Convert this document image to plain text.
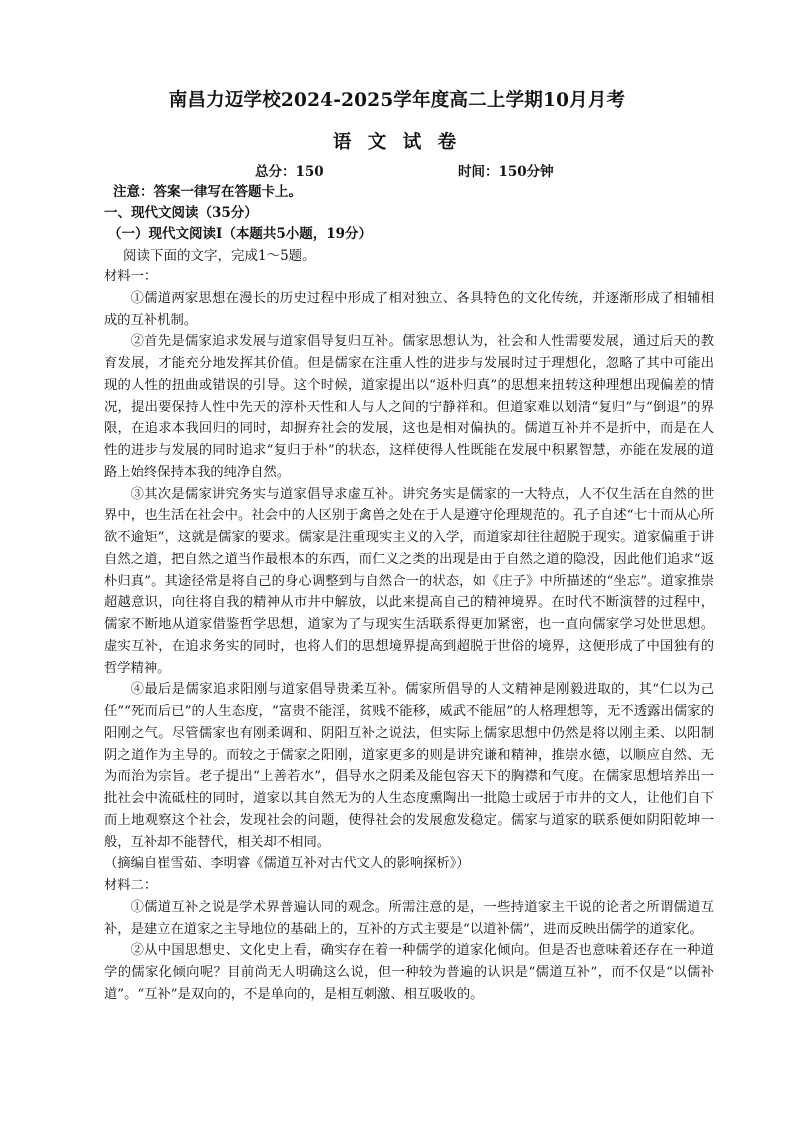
南昌力迈学校2024-2025学年度高二上学期10月月考
语 文 试 卷
总分：150	时间：150分钟
注意：答案一律写在答题卡上。
一、现代文阅读（35分）
（一）现代文阅读Ⅰ（本题共5小题，19分）
阅读下面的文字，完成1～5题。

材料一：

①儒道两家思想在漫长的历史过程中形成了相对独立、各具特色的文化传统，并逐渐形成了相辅相成的互补机制。

②首先是儒家追求发展与道家倡导复归互补。儒家思想认为，社会和人性需要发展，通过后天的教育发展，才能充分地发挥其价值。但是儒家在注重人性的进步与发展时过于理想化，忽略了其中可能出现的人性的扭曲或错误的引导。这个时候，道家提出以“返朴归真”的思想来扭转这种理想出现偏差的情况，提出要保持人性中先天的淳朴天性和人与人之间的宁静祥和。但道家难以划清“复归”与“倒退”的界限，在追求本我回归的同时，却摒弃社会的发展，这也是相对偏执的。儒道互补并不是折中，而是在人性的进步与发展的同时追求“复归于朴”的状态，这样使得人性既能在发展中积累智慧，亦能在发展的道路上始终保持本我的纯净自然。

③其次是儒家讲究务实与道家倡导求虚互补。讲究务实是儒家的一大特点，人不仅生活在自然的世界中，也生活在社会中。社会中的人区别于禽兽之处在于人是遵守伦理规范的。孔子自述“七十而从心所欲不逾矩”，这就是儒家的要求。儒家是注重现实主义的入学，而道家却往往超脱于现实。道家偏重于讲自然之道，把自然之道当作最根本的东西，而仁义之类的出现是由于自然之道的隐没，因此他们追求“返朴归真”。其途径常是将自己的身心调整到与自然合一的状态，如《庄子》中所描述的“坐忘”。道家推崇超越意识，向往将自我的精神从市井中解放，以此来提高自己的精神境界。在时代不断演替的过程中，儒家不断地从道家借鉴哲学思想，道家为了与现实生活联系得更加紧密，也一直向儒家学习处世思想。虚实互补，在追求务实的同时，也将人们的思想境界提高到超脱于世俗的境界，这便形成了中国独有的哲学精神。

④最后是儒家追求阳刚与道家倡导贵柔互补。儒家所倡导的人文精神是刚毅进取的，其“仁以为己任”“死而后已”的人生态度，“富贵不能淫，贫贱不能移，威武不能屈”的人格理想等，无不透露出儒家的阳刚之气。尽管儒家也有刚柔调和、阴阳互补之说法，但实际上儒家思想中仍然是将以刚主柔、以阳制阴之道作为主导的。而较之于儒家之阳刚，道家更多的则是讲究谦和精神，推崇水德，以顺应自然、无为而治为宗旨。老子提出“上善若水”，倡导水之阴柔及能包容天下的胸襟和气度。在儒家思想培养出一批社会中流砥柱的同时，道家以其自然无为的人生态度熏陶出一批隐士或居于市井的文人，让他们自下而上地观察这个社会，发现社会的问题，使得社会的发展愈发稳定。儒家与道家的联系便如阴阳乾坤一般，互补却不能替代，相关却不相同。

（摘编自崔雪茹、李明睿《儒道互补对古代文人的影响探析》）

材料二：

①儒道互补之说是学术界普遍认同的观念。所需注意的是，一些持道家主干说的论者之所谓儒道互补，是建立在道家之主导地位的基础上的，互补的方式主要是“以道补儒”，进而反映出儒学的道家化。

②从中国思想史、文化史上看，确实存在着一种儒学的道家化倾向。但是否也意味着还存在一种道学的儒家化倾向呢？目前尚无人明确这么说，但一种较为普遍的认识是“儒道互补”，而不仅是“以儒补道”。“互补”是双向的，不是单向的，是相互刺激、相互吸收的。
